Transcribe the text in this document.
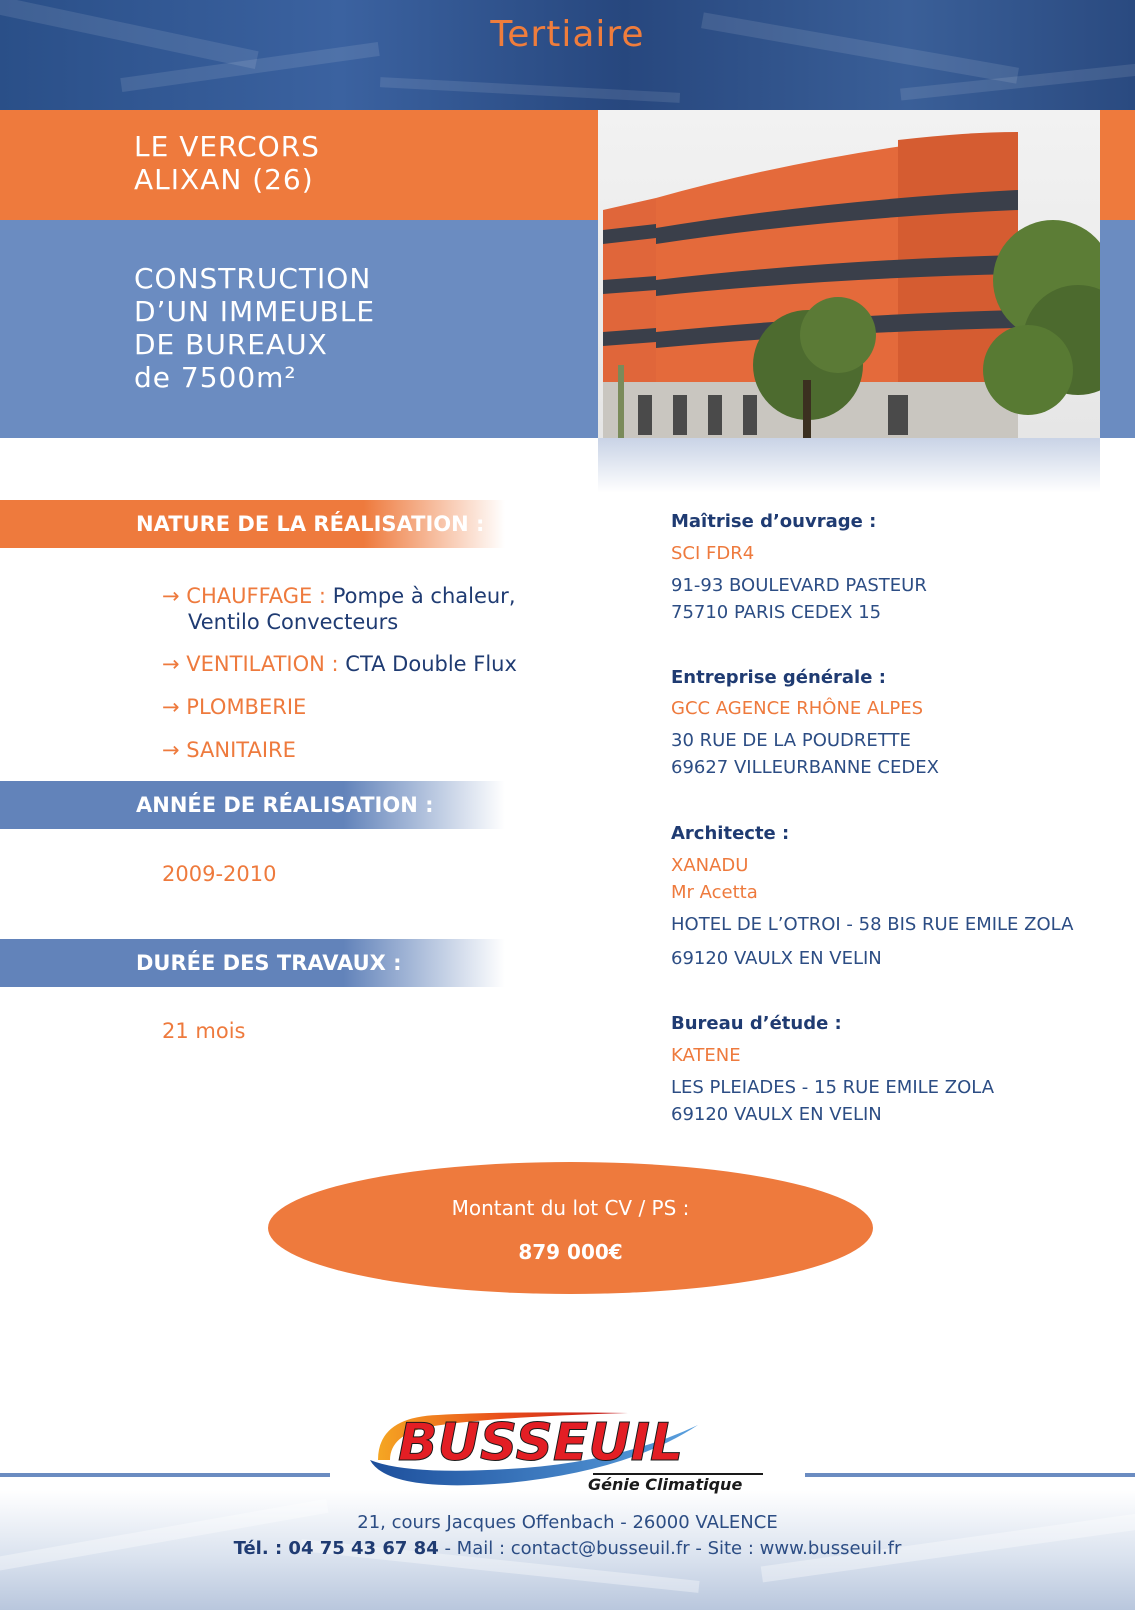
Tertiaire
LE VERCORS
ALIXAN (26)
CONSTRUCTION
D’UN IMMEUBLE
DE BUREAUX
de 7500m²
NATURE DE LA RÉALISATION :
→ CHAUFFAGE : Pompe à chaleur,
Ventilo Convecteurs
→ VENTILATION : CTA Double Flux
→ PLOMBERIE
→ SANITAIRE
ANNÉE DE RÉALISATION :
2009-2010
DURÉE DES TRAVAUX :
21 mois
Maîtrise d’ouvrage :
SCI FDR4
91-93 BOULEVARD PASTEUR
75710 PARIS CEDEX 15
Entreprise générale :
GCC AGENCE RHÔNE ALPES
30 RUE DE LA POUDRETTE
69627 VILLEURBANNE CEDEX
Architecte :
XANADU
Mr Acetta
HOTEL DE L’OTROI - 58 BIS RUE EMILE ZOLA
69120 VAULX EN VELIN
Bureau d’étude :
KATENE
LES PLEIADES - 15 RUE EMILE ZOLA
69120 VAULX EN VELIN
Montant du lot CV / PS :
879 000€
BUSSEUIL
Génie Climatique
21, cours Jacques Offenbach - 26000 VALENCE
Tél. : 04 75 43 67 84 - Mail : contact@busseuil.fr - Site : www.busseuil.fr
